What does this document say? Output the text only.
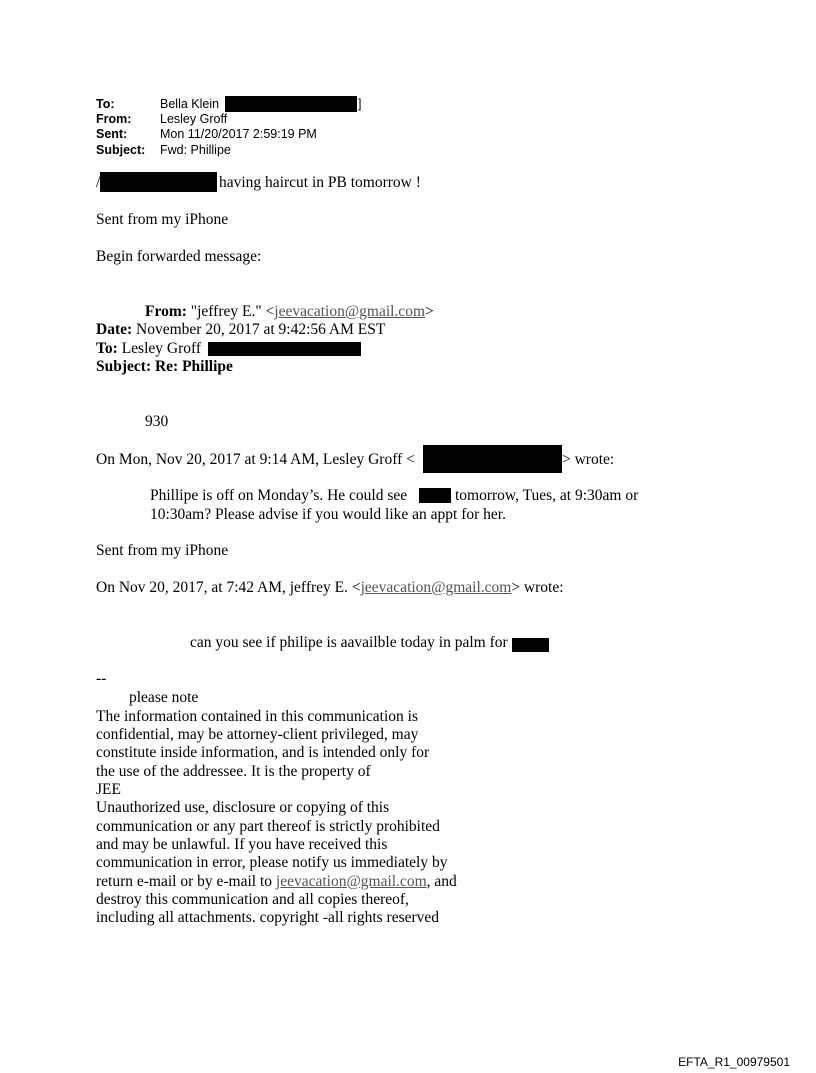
To:	Bella Klein	]
From: Lesley Groff
Sent:	Mon 11/20/2017 2:59:19 PM
Subject: Fwd: Phillipe
/	having haircut in PB tomorrow !
Sent from my iPhone
Begin forwarded message:
From: "jeffrey E." <jeevacation@gmail.com>
Date: November 20, 2017 at 9:42:56 AM EST
To: Lesley Groff
Subject: Re: Phillipe
930
On Mon, Nov 20, 2017 at 9:14 AM, Lesley Groff <	> wrote:
Phillipe is off on Monday’s. He could see	tomorrow, Tues, at 9:30am or
10:30am? Please advise if you would like an appt for her.
Sent from my iPhone
On Nov 20, 2017, at 7:42 AM, jeffrey E. <jeevacation@gmail.com> wrote:
can you see if philipe is aavailble today in palm for
--
please note
The information contained in this communication is
confidential, may be attorney-client privileged, may
constitute inside information, and is intended only for
the use of the addressee. It is the property of
JEE
Unauthorized use, disclosure or copying of this
communication or any part thereof is strictly prohibited
and may be unlawful. If you have received this
communication in error, please notify us immediately by
return e-mail or by e-mail to jeevacation@gmail.com, and
destroy this communication and all copies thereof,
including all attachments. copyright -all rights reserved
EFTA_R1_00979501
